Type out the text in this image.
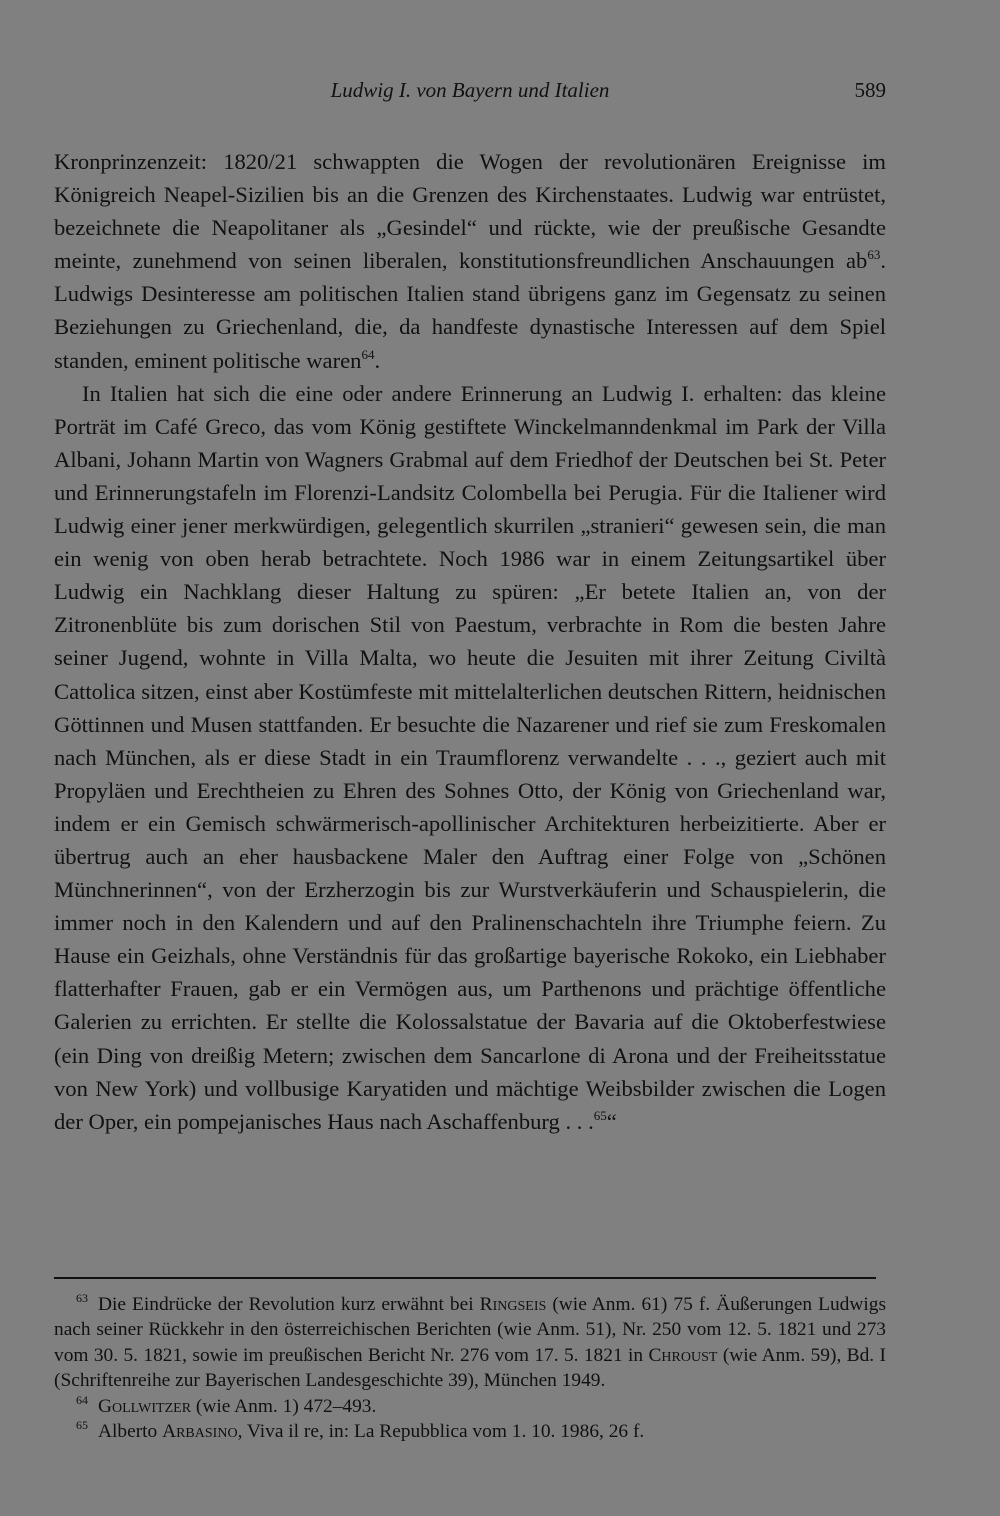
Ludwig I. von Bayern und Italien	589

Kronprinzenzeit: 1820/21 schwappten die Wogen der revolutionären Ereignisse im Königreich Neapel-Sizilien bis an die Grenzen des Kirchenstaates. Ludwig war entrüstet, bezeichnete die Neapolitaner als „Gesindel“ und rückte, wie der preußische Gesandte meinte, zunehmend von seinen liberalen, konstitutionsfreundlichen Anschauungen $ab^{63}$. Ludwigs Desinteresse am politischen Italien stand übrigens ganz im Gegensatz zu seinen Beziehungen zu Griechenland, die, da handfeste dynastische Interessen auf dem Spiel standen, eminent politische waren$^{64}$.

In Italien hat sich die eine oder andere Erinnerung an Ludwig I. erhalten: das kleine Porträt im Café Greco, das vom König gestiftete Winckelmanndenkmal im Park der Villa Albani, Johann Martin von Wagners Grabmal auf dem Friedhof der Deutschen bei St. Peter und Erinnerungstafeln im Florenzi-Landsitz Colombella bei Perugia. Für die Italiener wird Ludwig einer jener merkwürdigen, gelegentlich skurrilen „stranieri“ gewesen sein, die man ein wenig von oben herab betrachtete. Noch 1986 war in einem Zeitungsartikel über Ludwig ein Nachklang dieser Haltung zu spüren: „Er betete Italien an, von der Zitronenblüte bis zum dorischen Stil von Paestum, verbrachte in Rom die besten Jahre seiner Jugend, wohnte in Villa Malta, wo heute die Jesuiten mit ihrer Zeitung Civiltà Cattolica sitzen, einst aber Kostümfeste mit mittelalterlichen deutschen Rittern, heidnischen Göttinnen und Musen stattfanden. Er besuchte die Nazarener und rief sie zum Freskomalen nach München, als er diese Stadt in ein Traumflorenz verwandelte . . ., geziert auch mit Propyläen und Erechtheien zu Ehren des Sohnes Otto, der König von Griechenland war, indem er ein Gemisch schwärmerisch-apollinischer Architekturen herbeizitierte. Aber er übertrug auch an eher hausbackene Maler den Auftrag einer Folge von „Schönen Münchnerinnen“, von der Erzherzogin bis zur Wurstverkäuferin und Schauspielerin, die immer noch in den Kalendern und auf den Pralinenschachteln ihre Triumphe feiern. Zu Hause ein Geizhals, ohne Verständnis für das großartige bayerische Rokoko, ein Liebhaber flatterhafter Frauen, gab er ein Vermögen aus, um Parthenons und prächtige öffentliche Galerien zu errichten. Er stellte die Kolossalstatue der Bavaria auf die Oktoberfestwiese (ein Ding von dreißig Metern; zwischen dem Sancarlone di Arona und der Freiheitsstatue von New York) und vollbusige Karyatiden und mächtige Weibsbilder zwischen die Logen der Oper, ein pompejanisches Haus nach Aschaffenburg . . .$^{65}$“

63 Die Eindrücke der Revolution kurz erwähnt bei Ringseis (wie Anm. 61) 75 f. Äußerungen Ludwigs nach seiner Rückkehr in den österreichischen Berichten (wie Anm. 51), Nr. 250 vom 12. 5. 1821 und 273 vom 30. 5. 1821, sowie im preußischen Bericht Nr. 276 vom 17. 5. 1821 in Chroust (wie Anm. 59), Bd. I (Schriftenreihe zur Bayerischen Landesgeschichte 39), München 1949.

64 Gollwitzer (wie Anm. 1) 472–493.

65 Alberto Arbasino, Viva il re, in: La Repubblica vom 1. 10. 1986, 26 f.
